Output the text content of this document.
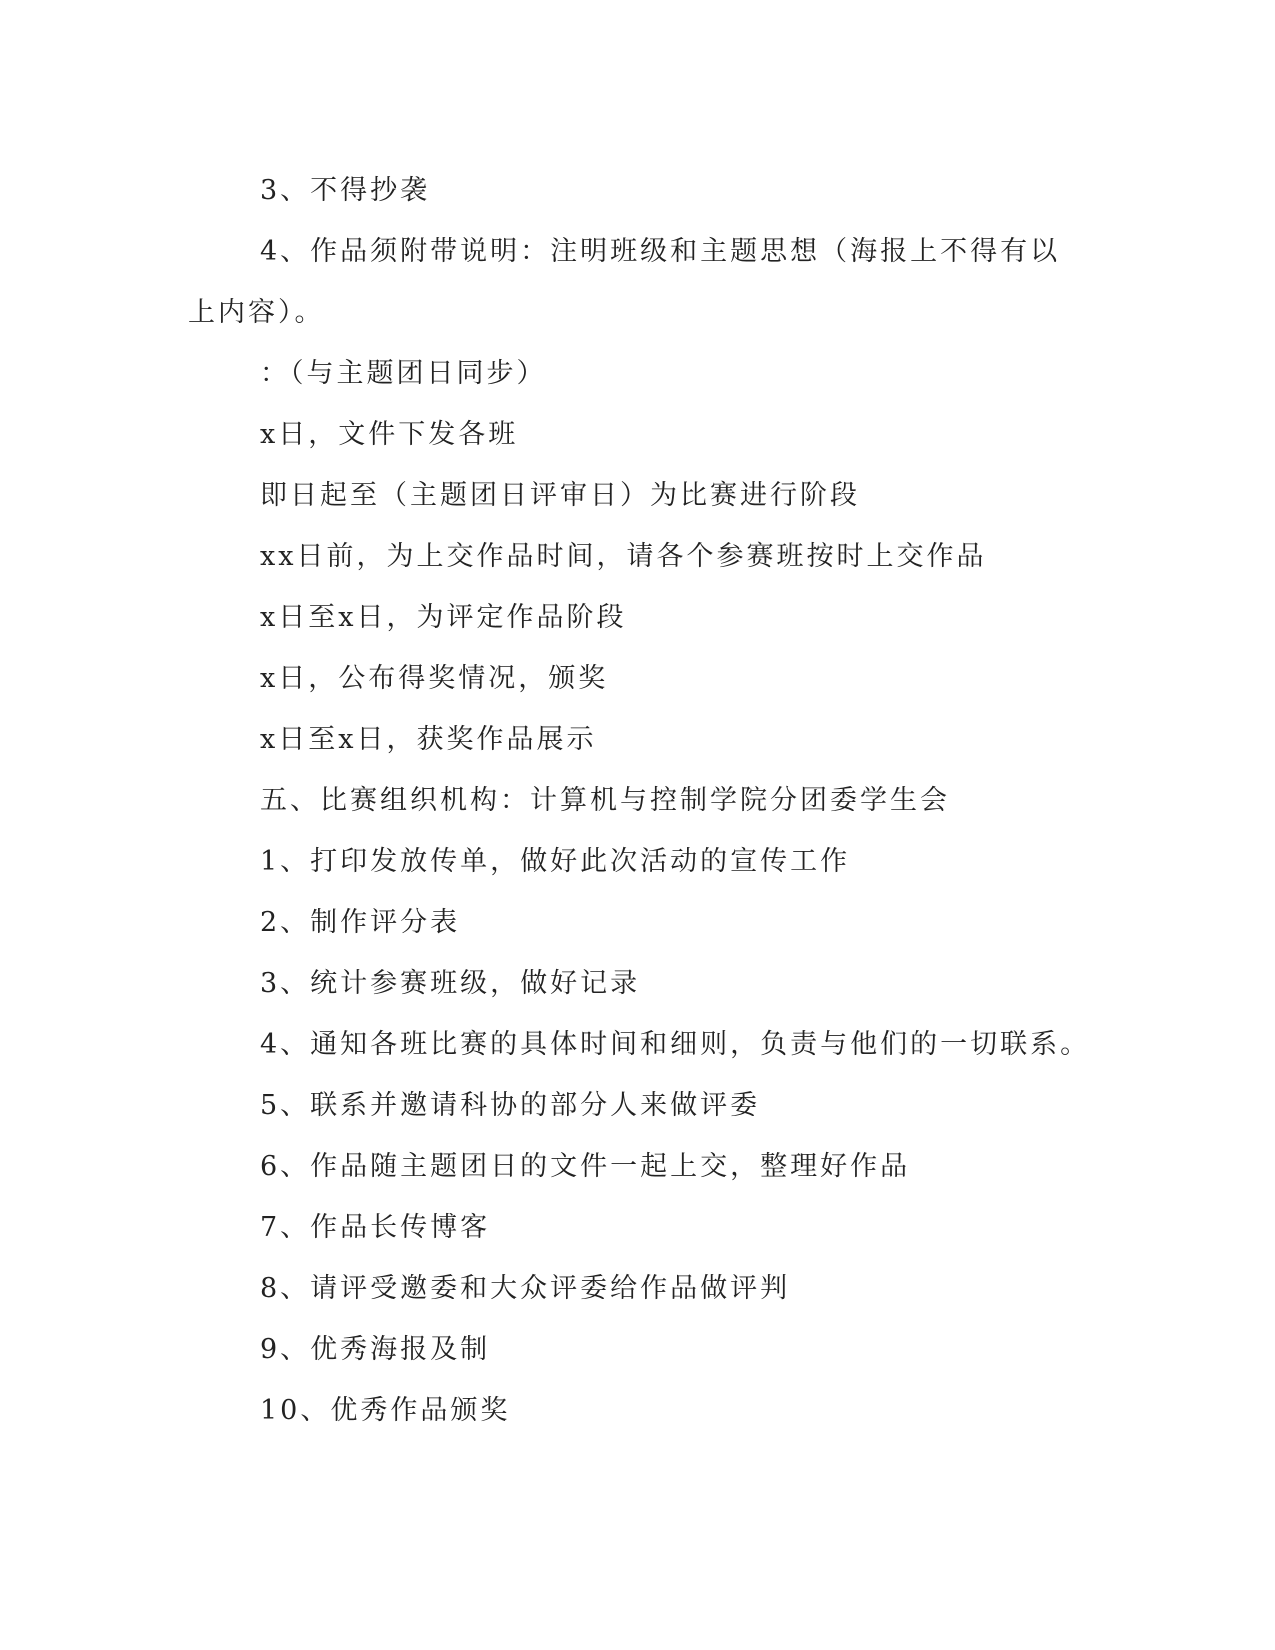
3、不得抄袭
4、作品须附带说明：注明班级和主题思想（海报上不得有以上内容）。
：（与主题团日同步）
x日，文件下发各班
即日起至（主题团日评审日）为比赛进行阶段
xx日前，为上交作品时间，请各个参赛班按时上交作品
x日至x日，为评定作品阶段
x日，公布得奖情况，颁奖
x日至x日，获奖作品展示
五、比赛组织机构：计算机与控制学院分团委学生会
1、打印发放传单，做好此次活动的宣传工作
2、制作评分表
3、统计参赛班级，做好记录
4、通知各班比赛的具体时间和细则，负责与他们的一切联系。
5、联系并邀请科协的部分人来做评委
6、作品随主题团日的文件一起上交，整理好作品
7、作品长传博客
8、请评受邀委和大众评委给作品做评判
9、优秀海报及制
10、优秀作品颁奖
